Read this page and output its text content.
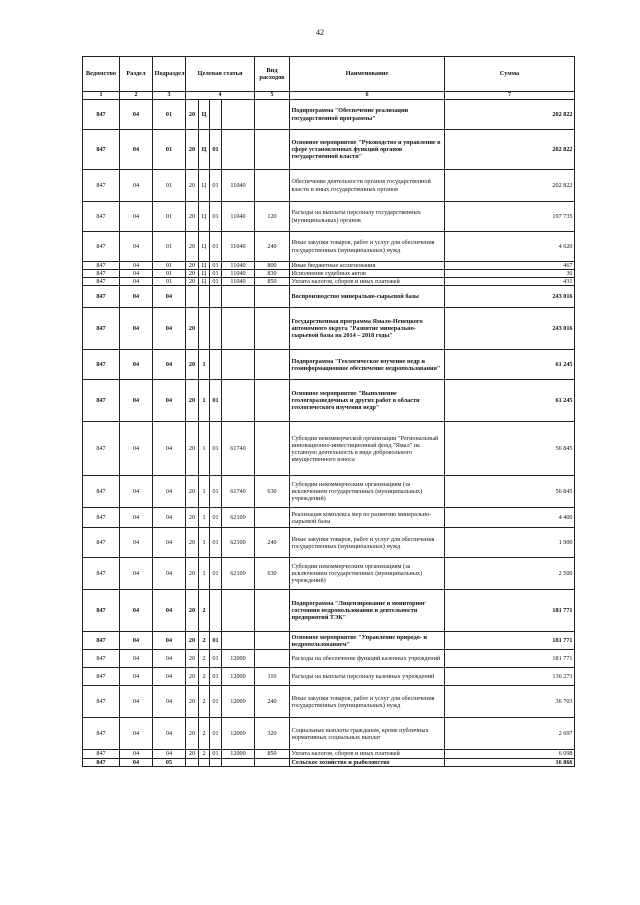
42
Ведомство	Раздел	Подраздел	Целевая статья				Вид расходов	Наименование	Сумма
1	2	3	4				5	6	7
847	04	01	20	Ц				Подпрограмма "Обеспечение реализации государственной программы"	202 822
847	04	01	20	Ц	01			Основное мероприятие "Руководство и управление в сфере установленных функций органов государственной власти"	202 822
847	04	01	20	Ц	01	11040		Обеспечение деятельности органов государственной власти и иных государственных органов	202 822
847	04	01	20	Ц	01	11040	120	Расходы на выплаты персоналу государственных (муниципальных) органов	197 735
847	04	01	20	Ц	01	11040	240	Иные закупки товаров, работ и услуг для обеспечения государственных (муниципальных) нужд	4 620
847	04	01	20	Ц	01	11040	800	Иные бюджетные ассигнования	467
847	04	01	20	Ц	01	11040	830	Исполнение судебных актов	36
847	04	01	20	Ц	01	11040	850	Уплата налогов, сборов и иных платежей	431
847	04	04						Воспроизводство минерально-сырьевой базы	243 016
847	04	04	20					Государственная программа Ямало-Ненецкого автономного округа "Развитие минерально-сырьевой базы на 2014 – 2018 годы"	243 016
847	04	04	20	1				Подпрограмма "Геологическое изучение недр и геоинформационное обеспечение недропользования"	61 245
847	04	04	20	1	01			Основное мероприятие "Выполнение геологоразведочных и других работ в области геологического изучения недр"	61 245
847	04	04	20	1	01	61740		Субсидия некоммерческой организации "Региональный инновационно-инвестиционный фонд "Ямал" на уставную деятельность в виде добровольного имущественного взноса	56 845
847	04	04	20	1	01	61740	630	Субсидии некоммерческим организациям (за исключением государственных (муниципальных) учреждений)	56 845
847	04	04	20	1	01	62100		Реализация комплекса мер по развитию минерально-сырьевой базы	4 400
847	04	04	20	1	01	62100	240	Иные закупки товаров, работ и услуг для обеспечения государственных (муниципальных) нужд	1 900
847	04	04	20	1	01	62100	630	Субсидии некоммерческим организациям (за исключением государственных (муниципальных) учреждений)	2 500
847	04	04	20	2				Подпрограмма "Лицензирование и мониторинг состояния недропользования и деятельности предприятий ТЭК"	181 771
847	04	04	20	2	01			Основное мероприятие "Управление природо- и недропользованием"	181 771
847	04	04	20	2	01	12000		Расходы на обеспечение функций казенных учреждений	181 771
847	04	04	20	2	01	12000	110	Расходы на выплаты персоналу казенных учреждений	136 273
847	04	04	20	2	01	12000	240	Иные закупки товаров, работ и услуг для обеспечения государственных (муниципальных) нужд	36 703
847	04	04	20	2	01	12000	320	Социальные выплаты гражданам, кроме публичных нормативных социальных выплат	2 697
847	04	04	20	2	01	12000	850	Уплата налогов, сборов и иных платежей	6 098
847	04	05						Сельское хозяйство и рыболовство	16 866
